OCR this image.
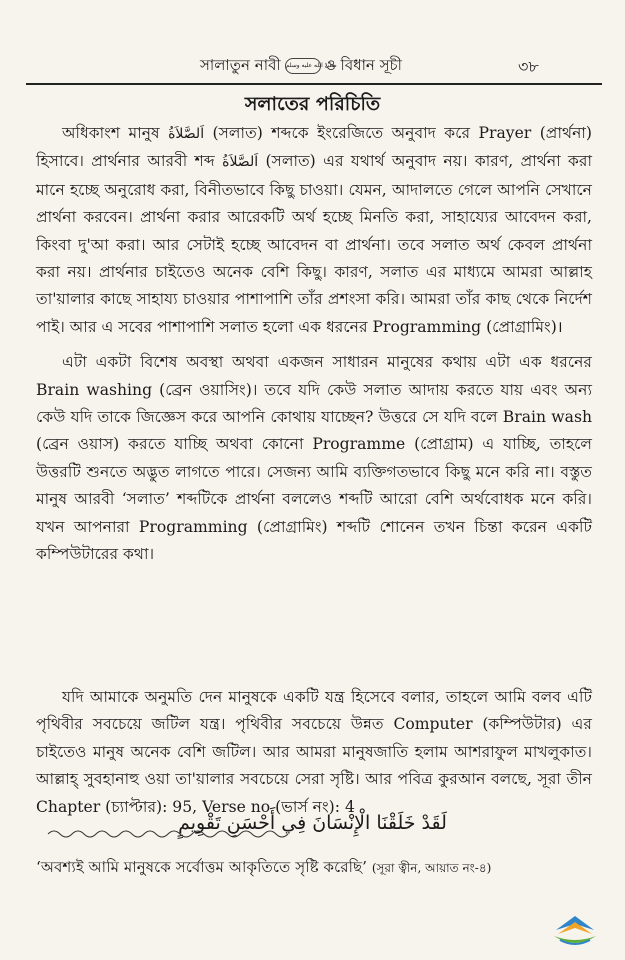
সালাতুন নাবী صلى الله عليه وسلمও বিধান সূচী	৩৮
সলাতের পরিচিতি

অধিকাংশ মানুষ اَلصَّلاَةُ (সলাত) শব্দকে ইংরেজিতে অনুবাদ করে Prayer (প্রার্থনা) হিসাবে। প্রার্থনার আরবী শব্দ اَلصَّلاَةُ (সলাত) এর যথার্থ অনুবাদ নয়। কারণ, প্রার্থনা করা মানে হচ্ছে অনুরোধ করা, বিনীতভাবে কিছু চাওয়া। যেমন, আদালতে গেলে আপনি সেখানে প্রার্থনা করবেন। প্রার্থনা করার আরেকটি অর্থ হচ্ছে মিনতি করা, সাহায্যের আবেদন করা, কিংবা দু'আ করা। আর সেটাই হচ্ছে আবেদন বা প্রার্থনা। তবে সলাত অর্থ কেবল প্রার্থনা করা নয়। প্রার্থনার চাইতেও অনেক বেশি কিছু। কারণ, সলাত এর মাধ্যমে আমরা আল্লাহ তা'য়ালার কাছে সাহায্য চাওয়ার পাশাপাশি তাঁর প্রশংসা করি। আমরা তাঁর কাছ থেকে নির্দেশ পাই। আর এ সবের পাশাপাশি সলাত হলো এক ধরনের Programming (প্রোগ্রামিং)।

এটা একটা বিশেষ অবস্থা অথবা একজন সাধারন মানুষের কথায় এটা এক ধরনের Brain washing (ব্রেন ওয়াসিং)। তবে যদি কেউ সলাত আদায় করতে যায় এবং অন্য কেউ যদি তাকে জিজ্ঞেস করে আপনি কোথায় যাচ্ছেন? উত্তরে সে যদি বলে Brain wash (ব্রেন ওয়াস) করতে যাচ্ছি অথবা কোনো Programme (প্রোগ্রাম) এ যাচ্ছি, তাহলে উত্তরটি শুনতে অদ্ভুত লাগতে পারে। সেজন্য আমি ব্যক্তিগতভাবে কিছু মনে করি না। বস্তুত মানুষ আরবী ‘সলাত’ শব্দটিকে প্রার্থনা বললেও শব্দটি আরো বেশি অর্থবোধক মনে করি। যখন আপনারা Programming (প্রোগ্রামিং) শব্দটি শোনেন তখন চিন্তা করেন একটি কম্পিউটারের কথা।

যদি আমাকে অনুমতি দেন মানুষকে একটি যন্ত্র হিসেবে বলার, তাহলে আমি বলব এটি পৃথিবীর সবচেয়ে জটিল যন্ত্র। পৃথিবীর সবচেয়ে উন্নত Computer (কম্পিউটার) এর চাইতেও মানুষ অনেক বেশি জটিল। আর আমরা মানুষজাতি হলাম আশরাফুল মাখলুকাত। আল্লাহ্ সুবহানাহু ওয়া তা'য়ালার সবচেয়ে সেরা সৃষ্টি। আর পবিত্র কুরআন বলছে, সূরা তীন Chapter (চ্যাপ্টার): 95, Verse no (ভার্স নং): 4

لَقَدْ خَلَقْنَا الْإِنْسَانَ فِي أَحْسَنِ تَقْوِيمٍ
‘অবশ্যই আমি মানুষকে সর্বোত্তম আকৃতিতে সৃষ্টি করেছি’ (সূরা ত্বীন, আয়াত নং-৪)
